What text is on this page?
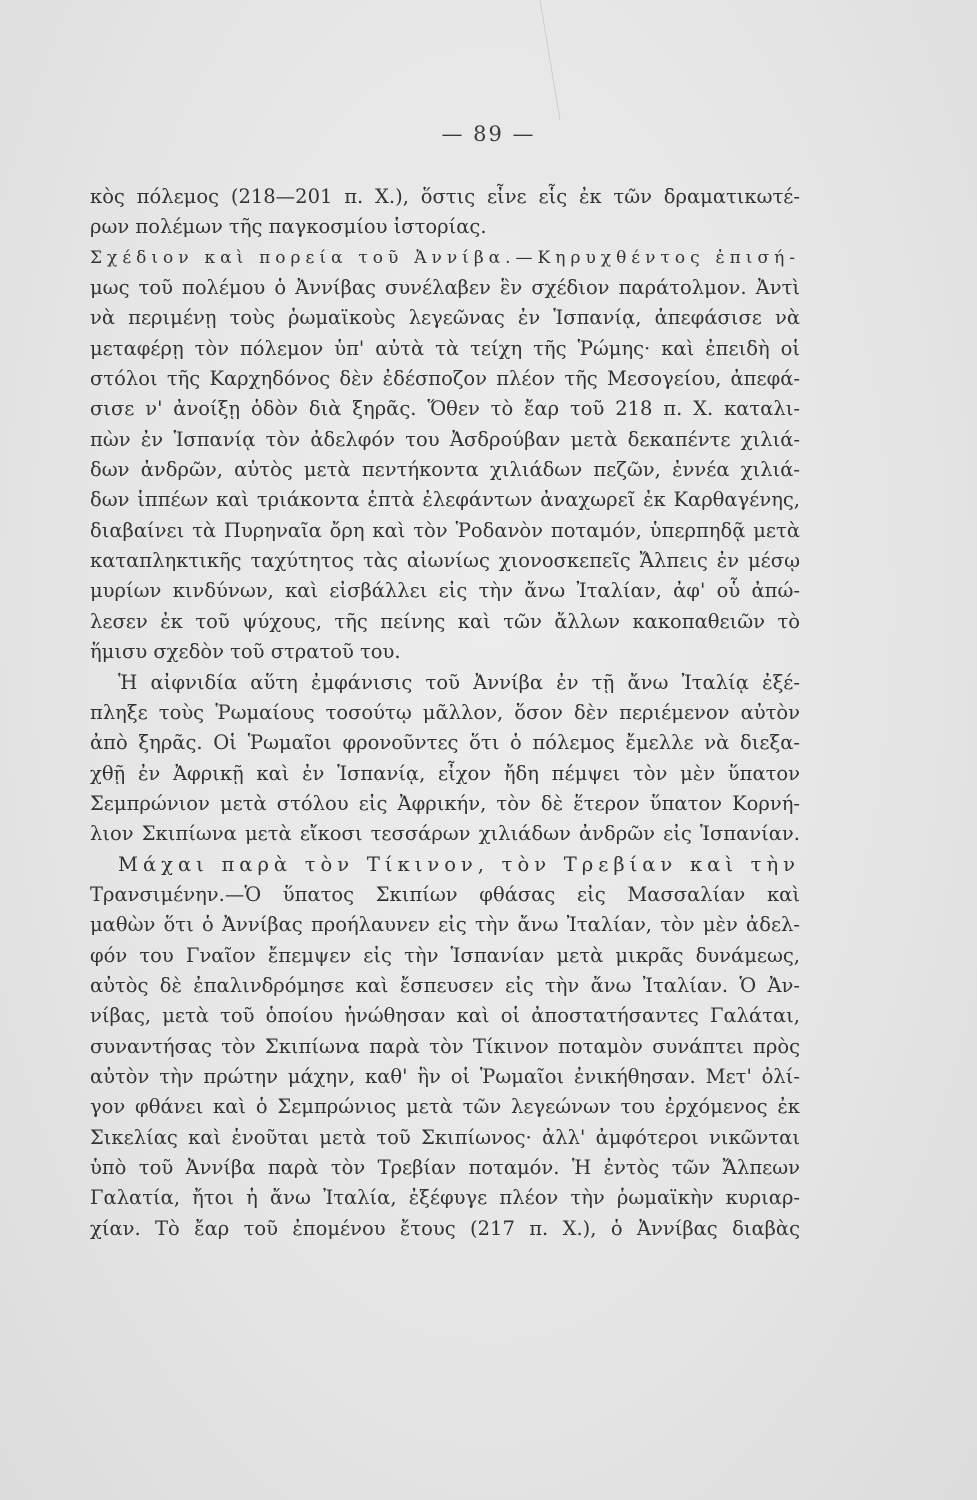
— 89 —
κὸς πόλεμος (218—201 π. Χ.), ὅστις εἶνε εἷς ἐκ τῶν δραματικωτέ-
ρων πολέμων τῆς παγκοσμίου ἱστορίας.
Σχέδιον καὶ πορεία τοῦ Ἀννίβα.—Κηρυχθέντος ἐπισή-
μως τοῦ πολέμου ὁ Ἀννίβας συνέλαβεν ἓν σχέδιον παράτολμον. Ἀντὶ
νὰ περιμένῃ τοὺς ῥωμαϊκοὺς λεγεῶνας ἐν Ἱσπανίᾳ, ἀπεφάσισε νὰ
μεταφέρῃ τὸν πόλεμον ὑπ' αὐτὰ τὰ τείχη τῆς Ῥώμης· καὶ ἐπειδὴ οἱ
στόλοι τῆς Καρχηδόνος δὲν ἐδέσποζον πλέον τῆς Μεσογείου, ἀπεφά-
σισε ν' ἀνοίξῃ ὁδὸν διὰ ξηρᾶς. Ὅθεν τὸ ἔαρ τοῦ 218 π. Χ. καταλι-
πὼν ἐν Ἱσπανίᾳ τὸν ἀδελφόν του Ἀσδρούβαν μετὰ δεκαπέντε χιλιά-
δων ἀνδρῶν, αὐτὸς μετὰ πεντήκοντα χιλιάδων πεζῶν, ἐννέα χιλιά-
δων ἱππέων καὶ τριάκοντα ἑπτὰ ἐλεφάντων ἀναχωρεῖ ἐκ Καρθαγένης,
διαβαίνει τὰ Πυρηναῖα ὄρη καὶ τὸν Ῥοδανὸν ποταμόν, ὑπερπηδᾷ μετὰ
καταπληκτικῆς ταχύτητος τὰς αἰωνίως χιονοσκεπεῖς Ἄλπεις ἐν μέσῳ
μυρίων κινδύνων, καὶ εἰσβάλλει εἰς τὴν ἄνω Ἰταλίαν, ἀφ' οὗ ἀπώ-
λεσεν ἐκ τοῦ ψύχους, τῆς πείνης καὶ τῶν ἄλλων κακοπαθειῶν τὸ
ἥμισυ σχεδὸν τοῦ στρατοῦ του.
Ἡ αἰφνιδία αὕτη ἐμφάνισις τοῦ Ἀννίβα ἐν τῇ ἄνω Ἰταλίᾳ ἐξέ-
πληξε τοὺς Ῥωμαίους τοσούτῳ μᾶλλον, ὅσον δὲν περιέμενον αὐτὸν
ἀπὸ ξηρᾶς. Οἱ Ῥωμαῖοι φρονοῦντες ὅτι ὁ πόλεμος ἔμελλε νὰ διεξα-
χθῇ ἐν Ἀφρικῇ καὶ ἐν Ἱσπανίᾳ, εἶχον ἤδη πέμψει τὸν μὲν ὕπατον
Σεμπρώνιον μετὰ στόλου εἰς Ἀφρικήν, τὸν δὲ ἕτερον ὕπατον Κορνή-
λιον Σκιπίωνα μετὰ εἴκοσι τεσσάρων χιλιάδων ἀνδρῶν εἰς Ἱσπανίαν.
Μάχαι παρὰ τὸν Τίκινον, τὸν Τρεβίαν καὶ τὴν
Τρανσιμένην.—Ὁ ὕπατος Σκιπίων φθάσας εἰς Μασσαλίαν καὶ
μαθὼν ὅτι ὁ Ἀννίβας προήλαυνεν εἰς τὴν ἄνω Ἰταλίαν, τὸν μὲν ἀδελ-
φόν του Γναῖον ἔπεμψεν εἰς τὴν Ἱσπανίαν μετὰ μικρᾶς δυνάμεως,
αὐτὸς δὲ ἐπαλινδρόμησε καὶ ἔσπευσεν εἰς τὴν ἄνω Ἰταλίαν. Ὁ Ἀν-
νίβας, μετὰ τοῦ ὁποίου ἡνώθησαν καὶ οἱ ἀποστατήσαντες Γαλάται,
συναντήσας τὸν Σκιπίωνα παρὰ τὸν Τίκινον ποταμὸν συνάπτει πρὸς
αὐτὸν τὴν πρώτην μάχην, καθ' ἣν οἱ Ῥωμαῖοι ἐνικήθησαν. Μετ' ὀλί-
γον φθάνει καὶ ὁ Σεμπρώνιος μετὰ τῶν λεγεώνων του ἐρχόμενος ἐκ
Σικελίας καὶ ἑνοῦται μετὰ τοῦ Σκιπίωνος· ἀλλ' ἀμφότεροι νικῶνται
ὑπὸ τοῦ Ἀννίβα παρὰ τὸν Τρεβίαν ποταμόν. Ἡ ἐντὸς τῶν Ἄλπεων
Γαλατία, ἤτοι ἡ ἄνω Ἰταλία, ἐξέφυγε πλέον τὴν ῥωμαϊκὴν κυριαρ-
χίαν. Τὸ ἔαρ τοῦ ἐπομένου ἔτους (217 π. Χ.), ὁ Ἀννίβας διαβὰς
